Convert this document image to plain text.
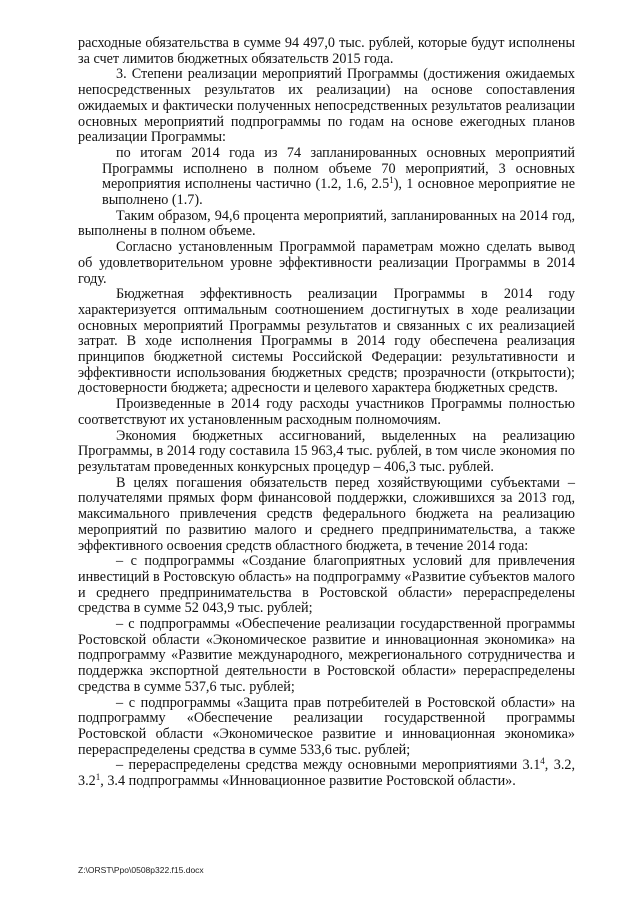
расходные обязательства в сумме 94 497,0 тыс. рублей, которые будут исполнены за счет лимитов бюджетных обязательств 2015 года.

3. Степени реализации мероприятий Программы (достижения ожидаемых непосредственных результатов их реализации) на основе сопоставления ожидаемых и фактически полученных непосредственных результатов реализации основных мероприятий подпрограммы по годам на основе ежегодных планов реализации Программы:

по итогам 2014 года из 74 запланированных основных мероприятий Программы исполнено в полном объеме 70 мероприятий, 3 основных мероприятия исполнены частично (1.2, 1.6, $2.5^1$), 1 основное мероприятие не выполнено (1.7).

Таким образом, 94,6 процента мероприятий, запланированных на 2014 год, выполнены в полном объеме.

Согласно установленным Программой параметрам можно сделать вывод об удовлетворительном уровне эффективности реализации Программы в 2014 году.

Бюджетная эффективность реализации Программы в 2014 году характеризуется оптимальным соотношением достигнутых в ходе реализации основных мероприятий Программы результатов и связанных с их реализацией затрат. В ходе исполнения Программы в 2014 году обеспечена реализация принципов бюджетной системы Российской Федерации: результативности и эффективности использования бюджетных средств; прозрачности (открытости); достоверности бюджета; адресности и целевого характера бюджетных средств.

Произведенные в 2014 году расходы участников Программы полностью соответствуют их установленным расходным полномочиям.

Экономия бюджетных ассигнований, выделенных на реализацию Программы, в 2014 году составила 15 963,4 тыс. рублей, в том числе экономия по результатам проведенных конкурсных процедур – 406,3 тыс. рублей.

В целях погашения обязательств перед хозяйствующими субъектами – получателями прямых форм финансовой поддержки, сложившихся за 2013 год, максимального привлечения средств федерального бюджета на реализацию мероприятий по развитию малого и среднего предпринимательства, а также эффективного освоения средств областного бюджета, в течение 2014 года:

– с подпрограммы «Создание благоприятных условий для привлечения инвестиций в Ростовскую область» на подпрограмму «Развитие субъектов малого и среднего предпринимательства в Ростовской области» перераспределены средства в сумме 52 043,9 тыс. рублей;

– с подпрограммы «Обеспечение реализации государственной программы Ростовской области «Экономическое развитие и инновационная экономика» на подпрограмму «Развитие международного, межрегионального сотрудничества и поддержка экспортной деятельности в Ростовской области» перераспределены средства в сумме 537,6 тыс. рублей;

– с подпрограммы «Защита прав потребителей в Ростовской области» на подпрограмму «Обеспечение реализации государственной программы Ростовской области «Экономическое развитие и инновационная экономика» перераспределены средства в сумме 533,6 тыс. рублей;

– перераспределены средства между основными мероприятиями $3.1^4$, 3.2, $3.2^1$, 3.4 подпрограммы «Инновационное развитие Ростовской области».

Z:\ORST\Ppo\0508p322.f15.docx
